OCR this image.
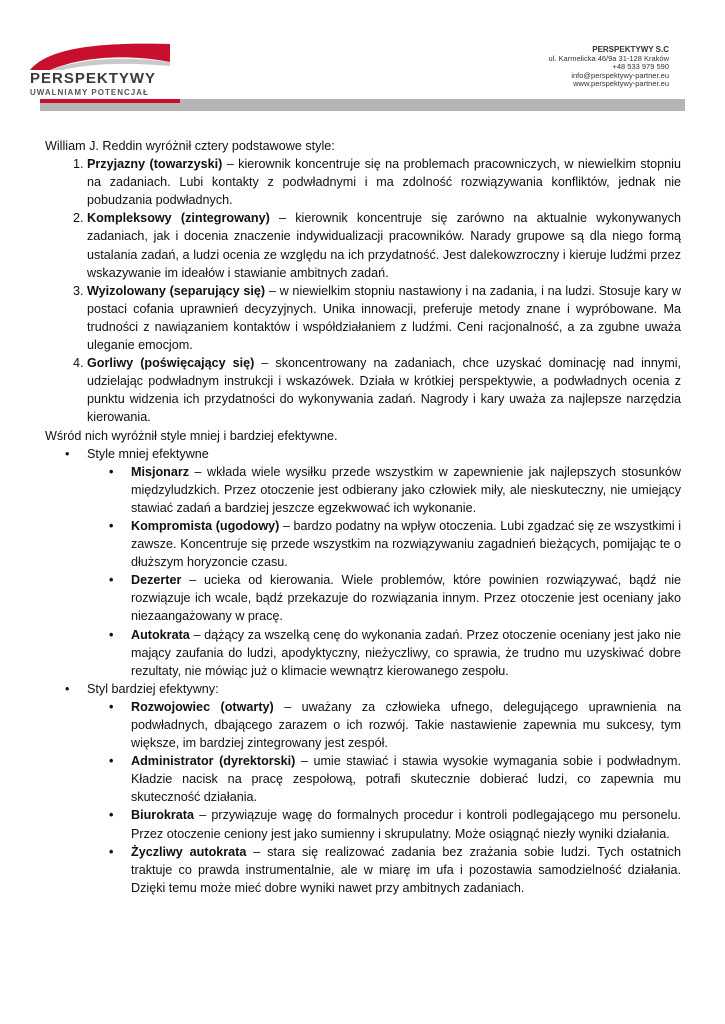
PERSPEKTYWY
UWALNIAMY POTENCJAŁ
PERSPEKTYWY S.C
ul. Karmelicka 46/9a 31-128 Kraków
+48 533 979 590
info@perspektywy-partner.eu
www.perspektywy-partner.eu

William J. Reddin wyróżnił cztery podstawowe style:

1. Przyjazny (towarzyski) – kierownik koncentruje się na problemach pracowniczych, w niewielkim stopniu na zadaniach. Lubi kontakty z podwładnymi i ma zdolność rozwiązywania konfliktów, jednak nie pobudzania podwładnych.
2. Kompleksowy (zintegrowany) – kierownik koncentruje się zarówno na aktualnie wykonywanych zadaniach, jak i docenia znaczenie indywidualizacji pracowników. Narady grupowe są dla niego formą ustalania zadań, a ludzi ocenia ze względu na ich przydatność. Jest dalekowzroczny i kieruje ludźmi przez wskazywanie im ideałów i stawianie ambitnych zadań.
3. Wyizolowany (separujący się) – w niewielkim stopniu nastawiony i na zadania, i na ludzi. Stosuje kary w postaci cofania uprawnień decyzyjnych. Unika innowacji, preferuje metody znane i wypróbowane. Ma trudności z nawiązaniem kontaktów i współdziałaniem z ludźmi. Ceni racjonalność, a za zgubne uważa uleganie emocjom.
4. Gorliwy (poświęcający się) – skoncentrowany na zadaniach, chce uzyskać dominację nad innymi, udzielając podwładnym instrukcji i wskazówek. Działa w krótkiej perspektywie, a podwładnych ocenia z punktu widzenia ich przydatności do wykonywania zadań. Nagrody i kary uważa za najlepsze narzędzia kierowania.

Wśród nich wyróżnił style mniej i bardziej efektywne.

• Style mniej efektywne
• Misjonarz – wkłada wiele wysiłku przede wszystkim w zapewnienie jak najlepszych stosunków międzyludzkich. Przez otoczenie jest odbierany jako człowiek miły, ale nieskuteczny, nie umiejący stawiać zadań a bardziej jeszcze egzekwować ich wykonanie.
• Kompromista (ugodowy) – bardzo podatny na wpływ otoczenia. Lubi zgadzać się ze wszystkimi i zawsze. Koncentruje się przede wszystkim na rozwiązywaniu zagadnień bieżących, pomijając te o dłuższym horyzoncie czasu.
• Dezerter – ucieka od kierowania. Wiele problemów, które powinien rozwiązywać, bądź nie rozwiązuje ich wcale, bądź przekazuje do rozwiązania innym. Przez otoczenie jest oceniany jako niezaangażowany w pracę.
• Autokrata – dążący za wszelką cenę do wykonania zadań. Przez otoczenie oceniany jest jako nie mający zaufania do ludzi, apodyktyczny, nieżyczliwy, co sprawia, że trudno mu uzyskiwać dobre rezultaty, nie mówiąc już o klimacie wewnątrz kierowanego zespołu.
• Styl bardziej efektywny:
• Rozwojowiec (otwarty) – uważany za człowieka ufnego, delegującego uprawnienia na podwładnych, dbającego zarazem o ich rozwój. Takie nastawienie zapewnia mu sukcesy, tym większe, im bardziej zintegrowany jest zespół.
• Administrator (dyrektorski) – umie stawiać i stawia wysokie wymagania sobie i podwładnym. Kładzie nacisk na pracę zespołową, potrafi skutecznie dobierać ludzi, co zapewnia mu skuteczność działania.
• Biurokrata – przywiązuje wagę do formalnych procedur i kontroli podlegającego mu personelu. Przez otoczenie ceniony jest jako sumienny i skrupulatny. Może osiągnąć niezły wyniki działania.
• Życzliwy autokrata – stara się realizować zadania bez zrażania sobie ludzi. Tych ostatnich traktuje co prawda instrumentalnie, ale w miarę im ufa i pozostawia samodzielność działania. Dzięki temu może mieć dobre wyniki nawet przy ambitnych zadaniach.
